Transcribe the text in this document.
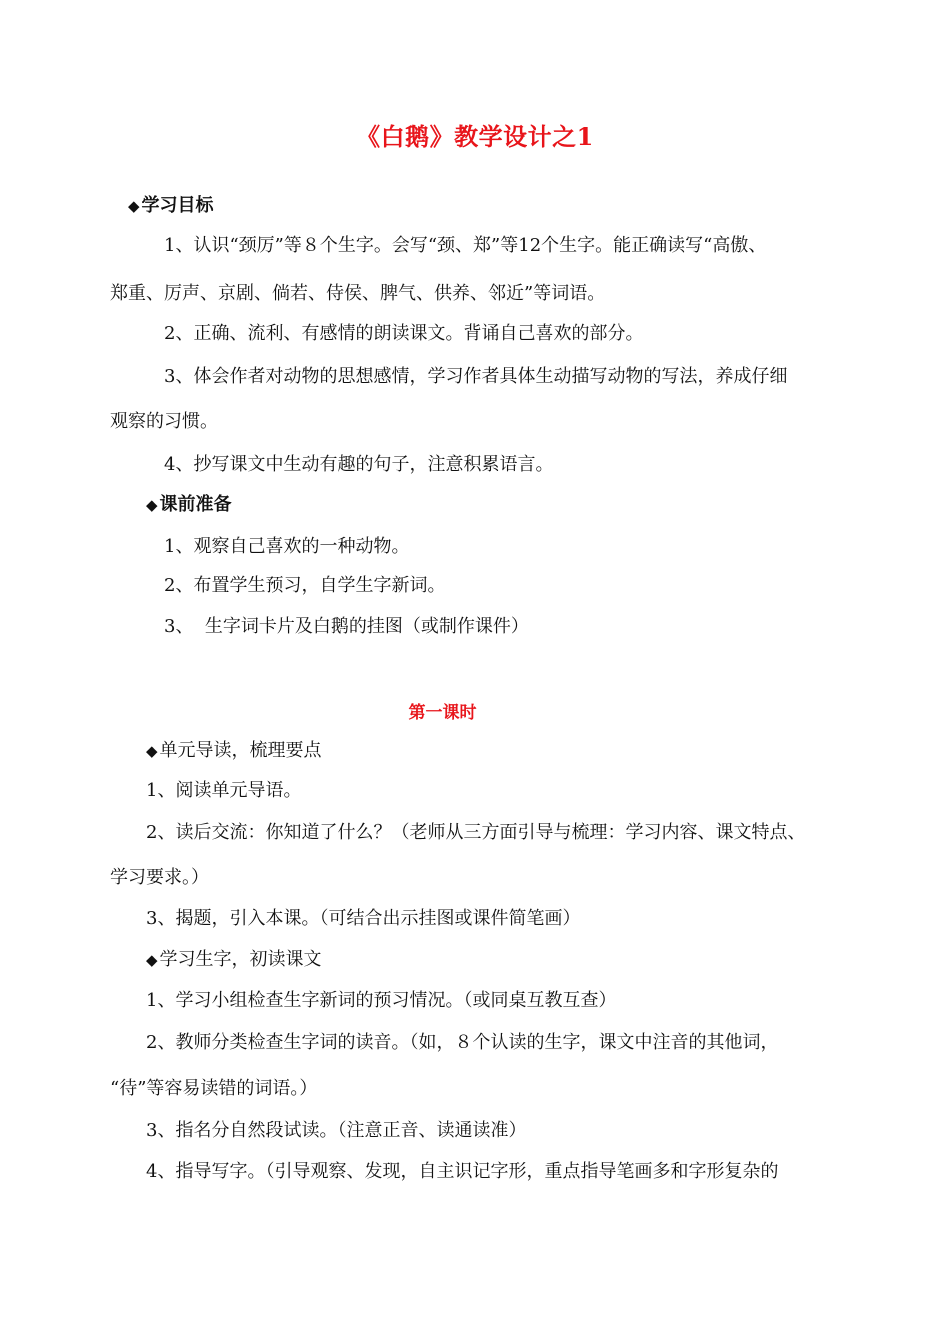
《白鹅》教学设计之1
◆ 学习目标
1、认识“颈厉”等８个生字。会写“颈、郑”等12个生字。能正确读写“高傲、
郑重、厉声、京剧、倘若、侍侯、脾气、供养、邻近”等词语。
2、正确、流利、有感情的朗读课文。背诵自己喜欢的部分。
3、体会作者对动物的思想感情，学习作者具体生动描写动物的写法，养成仔细
观察的习惯。
4、抄写课文中生动有趣的句子，注意积累语言。
◆ 课前准备
1、观察自己喜欢的一种动物。
2、布置学生预习，自学生字新词。
3、  生字词卡片及白鹅的挂图（或制作课件）
第一课时
◆ 单元导读，梳理要点
1、阅读单元导语。
2、读后交流：你知道了什么？（老师从三方面引导与梳理：学习内容、课文特点、
学习要求。）
3、揭题，引入本课。（可结合出示挂图或课件简笔画）
◆ 学习生字，初读课文
1、学习小组检查生字新词的预习情况。（或同桌互教互查）
2、教师分类检查生字词的读音。（如，８个认读的生字，课文中注音的其他词，
“待”等容易读错的词语。）
3、指名分自然段试读。（注意正音、读通读准）
4、指导写字。（引导观察、发现，自主识记字形，重点指导笔画多和字形复杂的
